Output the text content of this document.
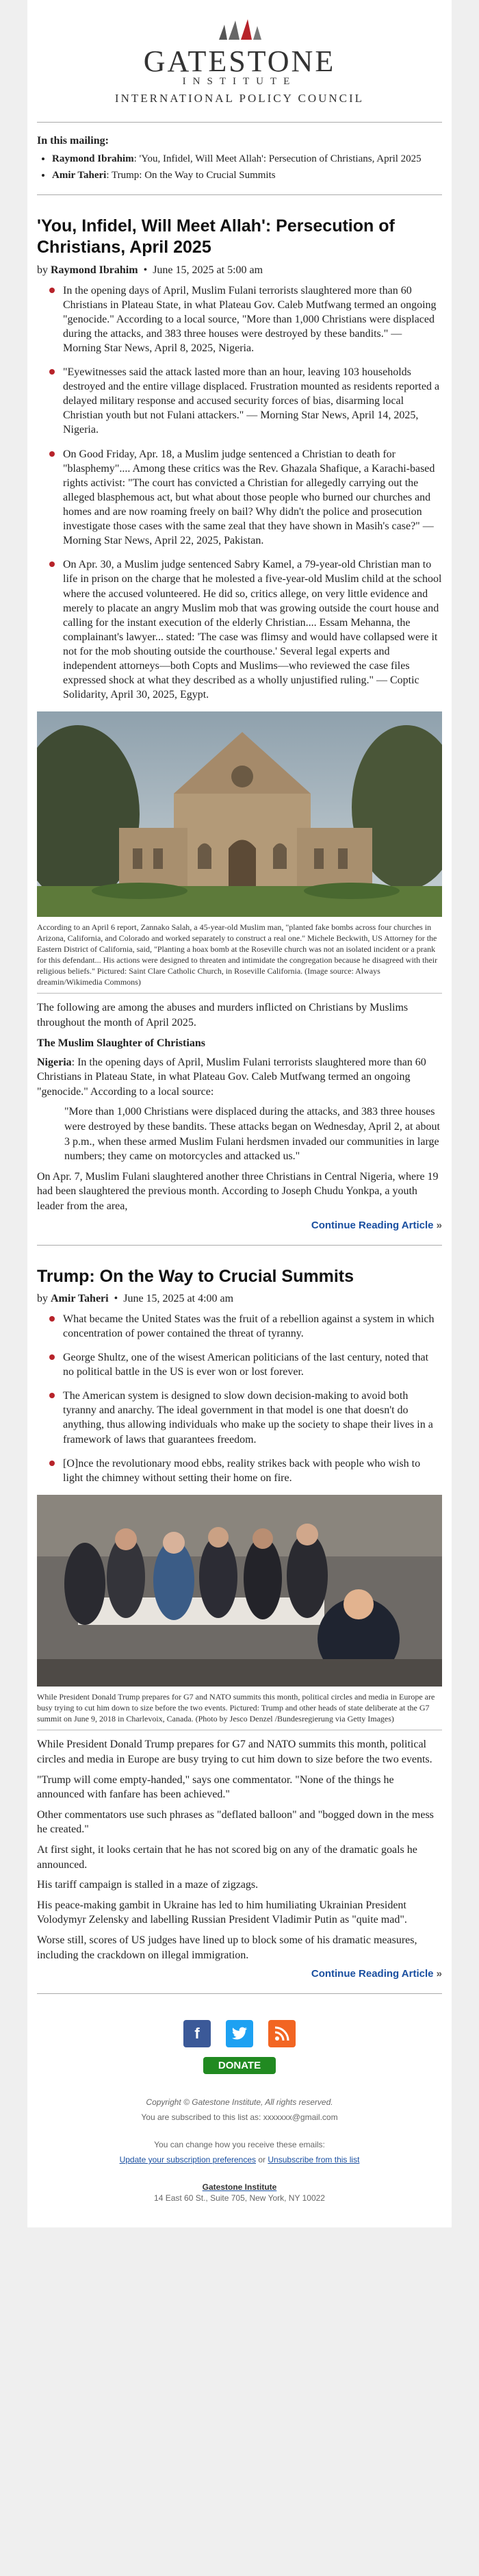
GATESTONE
INSTITUTE
INTERNATIONAL POLICY COUNCIL
In this mailing:
• Raymond Ibrahim: 'You, Infidel, Will Meet Allah': Persecution of Christians, April 2025
• Amir Taheri: Trump: On the Way to Crucial Summits
'You, Infidel, Will Meet Allah': Persecution of Christians, April 2025
by Raymond Ibrahim  •  June 15, 2025 at 5:00 am
In the opening days of April, Muslim Fulani terrorists slaughtered more than 60 Christians in Plateau State, in what Plateau Gov. Caleb Mutfwang termed an ongoing "genocide." According to a local source, "More than 1,000 Christians were displaced during the attacks, and 383 three houses were destroyed by these bandits." — Morning Star News, April 8, 2025, Nigeria.
"Eyewitnesses said the attack lasted more than an hour, leaving 103 households destroyed and the entire village displaced. Frustration mounted as residents reported a delayed military response and accused security forces of bias, disarming local Christian youth but not Fulani attackers." — Morning Star News, April 14, 2025, Nigeria.
On Good Friday, Apr. 18, a Muslim judge sentenced a Christian to death for "blasphemy".... Among these critics was the Rev. Ghazala Shafique, a Karachi-based rights activist: "The court has convicted a Christian for allegedly carrying out the alleged blasphemous act, but what about those people who burned our churches and homes and are now roaming freely on bail? Why didn't the police and prosecution investigate those cases with the same zeal that they have shown in Masih's case?" — Morning Star News, April 22, 2025, Pakistan.
On Apr. 30, a Muslim judge sentenced Sabry Kamel, a 79-year-old Christian man to life in prison on the charge that he molested a five-year-old Muslim child at the school where the accused volunteered. He did so, critics allege, on very little evidence and merely to placate an angry Muslim mob that was growing outside the court house and calling for the instant execution of the elderly Christian.... Essam Mehanna, the complainant's lawyer... stated: 'The case was flimsy and would have collapsed were it not for the mob shouting outside the courthouse.' Several legal experts and independent attorneys—both Copts and Muslims—who reviewed the case files expressed shock at what they described as a wholly unjustified ruling." — Coptic Solidarity, April 30, 2025, Egypt.
According to an April 6 report, Zannako Salah, a 45-year-old Muslim man, "planted fake bombs across four churches in Arizona, California, and Colorado and worked separately to construct a real one." Michele Beckwith, US Attorney for the Eastern District of California, said, "Planting a hoax bomb at the Roseville church was not an isolated incident or a prank for this defendant... His actions were designed to threaten and intimidate the congregation because he disagreed with their religious beliefs." Pictured: Saint Clare Catholic Church, in Roseville California. (Image source: Always dreamin/Wikimedia Commons)

The following are among the abuses and murders inflicted on Christians by Muslims throughout the month of April 2025.

The Muslim Slaughter of Christians

Nigeria: In the opening days of April, Muslim Fulani terrorists slaughtered more than 60 Christians in Plateau State, in what Plateau Gov. Caleb Mutfwang termed an ongoing "genocide." According to a local source:

"More than 1,000 Christians were displaced during the attacks, and 383 three houses were destroyed by these bandits. These attacks began on Wednesday, April 2, at about 3 p.m., when these armed Muslim Fulani herdsmen invaded our communities in large numbers; they came on motorcycles and attacked us."

On Apr. 7, Muslim Fulani slaughtered another three Christians in Central Nigeria, where 19 had been slaughtered the previous month. According to Joseph Chudu Yonkpa, a youth leader from the area,

Continue Reading Article »
Trump: On the Way to Crucial Summits
by Amir Taheri  •  June 15, 2025 at 4:00 am
What became the United States was the fruit of a rebellion against a system in which concentration of power contained the threat of tyranny.
George Shultz, one of the wisest American politicians of the last century, noted that no political battle in the US is ever won or lost forever.
The American system is designed to slow down decision-making to avoid both tyranny and anarchy. The ideal government in that model is one that doesn't do anything, thus allowing individuals who make up the society to shape their lives in a framework of laws that guarantees freedom.
[O]nce the revolutionary mood ebbs, reality strikes back with people who wish to light the chimney without setting their home on fire.
While President Donald Trump prepares for G7 and NATO summits this month, political circles and media in Europe are busy trying to cut him down to size before the two events. Pictured: Trump and other heads of state deliberate at the G7 summit on June 9, 2018 in Charlevoix, Canada. (Photo by Jesco Denzel /Bundesregierung via Getty Images)

While President Donald Trump prepares for G7 and NATO summits this month, political circles and media in Europe are busy trying to cut him down to size before the two events.

"Trump will come empty-handed," says one commentator. "None of the things he announced with fanfare has been achieved."

Other commentators use such phrases as "deflated balloon" and "bogged down in the mess he created."

At first sight, it looks certain that he has not scored big on any of the dramatic goals he announced.

His tariff campaign is stalled in a maze of zigzags.

His peace-making gambit in Ukraine has led to him humiliating Ukrainian President Volodymyr Zelensky and labelling Russian President Vladimir Putin as "quite mad".

Worse still, scores of US judges have lined up to block some of his dramatic measures, including the crackdown on illegal immigration.

Continue Reading Article »
f
DONATE
Copyright © Gatestone Institute, All rights reserved.
You are subscribed to this list as: xxxxxxx@gmail.com
You can change how you receive these emails:
Update your subscription preferences or Unsubscribe from this list
Gatestone Institute
14 East 60 St., Suite 705, New York, NY 10022
